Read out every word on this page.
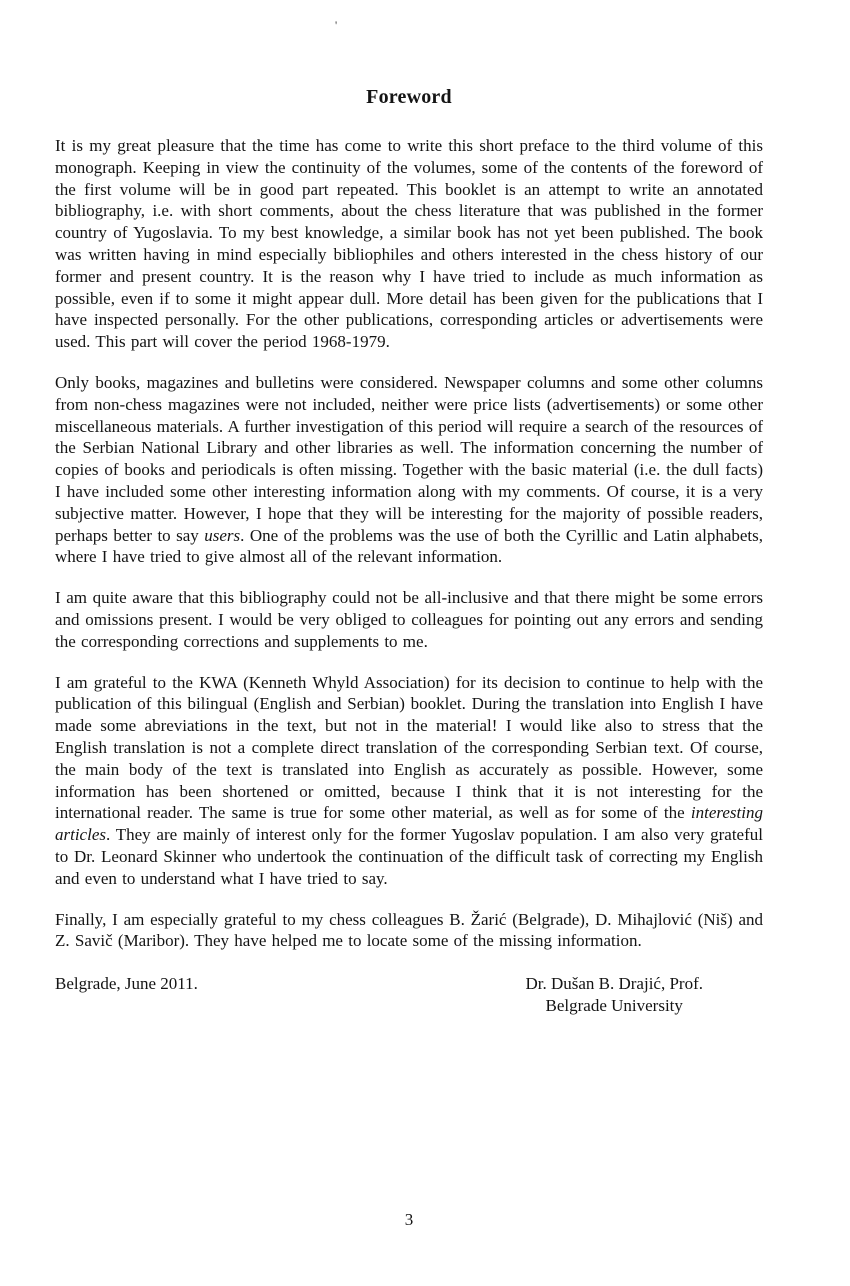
'
Foreword

It is my great pleasure that the time has come to write this short preface to the third volume of this monograph. Keeping in view the continuity of the volumes, some of the contents of the foreword of the first volume will be in good part repeated. This booklet is an attempt to write an annotated bibliography, i.e. with short comments, about the chess literature that was published in the former country of Yugoslavia. To my best knowledge, a similar book has not yet been published. The book was written having in mind especially bibliophiles and others interested in the chess history of our former and present country. It is the reason why I have tried to include as much information as possible, even if to some it might appear dull. More detail has been given for the publications that I have inspected personally. For the other publications, corresponding articles or advertisements were used. This part will cover the period 1968-1979.

Only books, magazines and bulletins were considered. Newspaper columns and some other columns from non-chess magazines were not included, neither were price lists (advertisements) or some other miscellaneous materials. A further investigation of this period will require a search of the resources of the Serbian National Library and other libraries as well. The information concerning the number of copies of books and periodicals is often missing. Together with the basic material (i.e. the dull facts) I have included some other interesting information along with my comments. Of course, it is a very subjective matter. However, I hope that they will be interesting for the majority of possible readers, perhaps better to say users. One of the problems was the use of both the Cyrillic and Latin alphabets, where I have tried to give almost all of the relevant information.

I am quite aware that this bibliography could not be all-inclusive and that there might be some errors and omissions present. I would be very obliged to colleagues for pointing out any errors and sending the corresponding corrections and supplements to me.

I am grateful to the KWA (Kenneth Whyld Association) for its decision to continue to help with the publication of this bilingual (English and Serbian) booklet. During the translation into English I have made some abreviations in the text, but not in the material! I would like also to stress that the English translation is not a complete direct translation of the corresponding Serbian text. Of course, the main body of the text is translated into English as accurately as possible. However, some information has been shortened or omitted, because I think that it is not interesting for the international reader. The same is true for some other material, as well as for some of the interesting articles. They are mainly of interest only for the former Yugoslav population. I am also very grateful to Dr. Leonard Skinner who undertook the continuation of the difficult task of correcting my English and even to understand what I have tried to say.

Finally, I am especially grateful to my chess colleagues B. Žarić (Belgrade), D. Mihajlović (Niš) and Z. Savič (Maribor). They have helped me to locate some of the missing information.

Belgrade, June 2011.	Dr. Dušan B. Drajić, Prof.
Belgrade University
3
